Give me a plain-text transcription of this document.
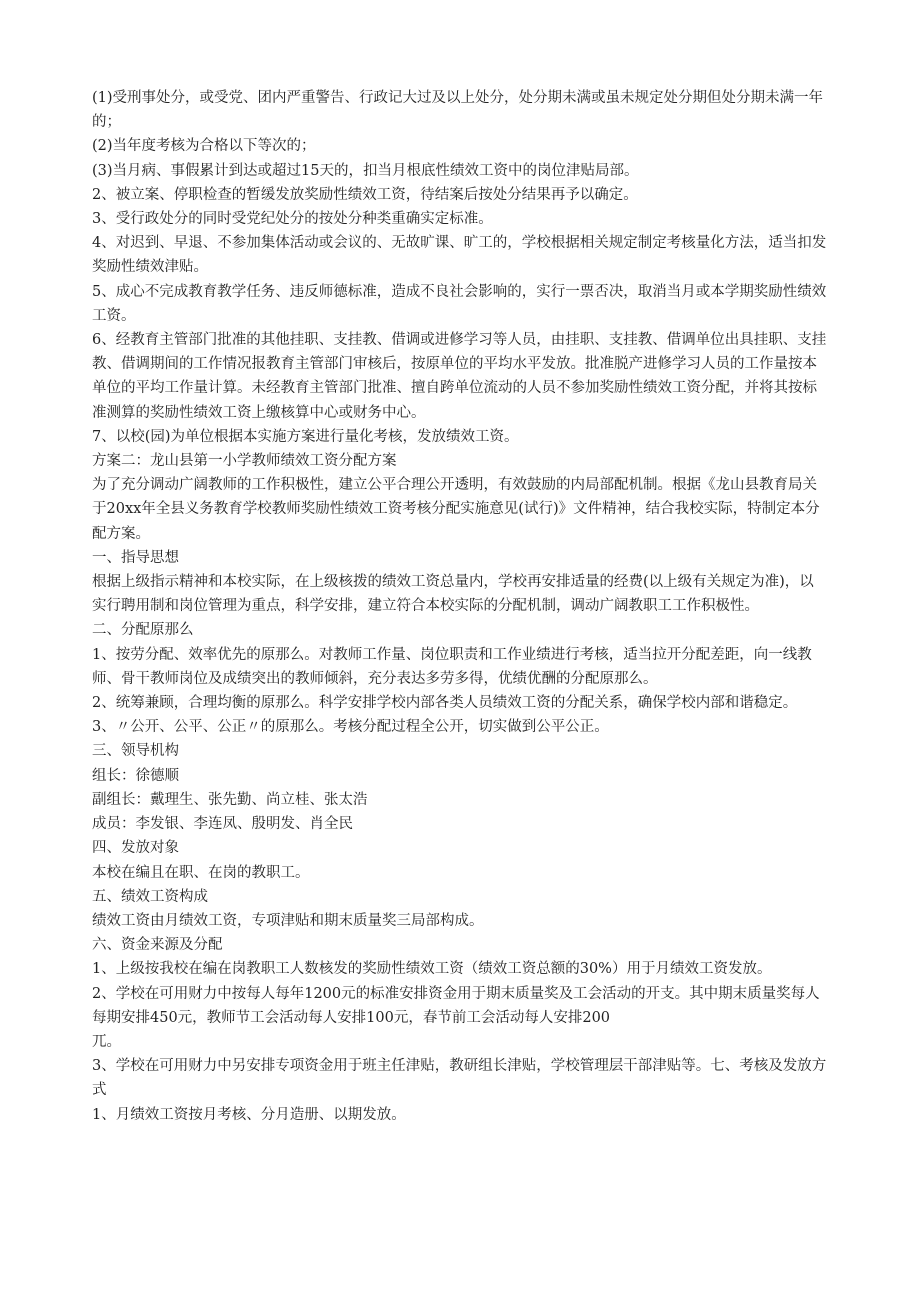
(1)受刑事处分，或受党、团内严重警告、行政记大过及以上处分，处分期未满或虽未规定处分期但处分期未满一年的；

(2)当年度考核为合格以下等次的；

(3)当月病、事假累计到达或超过15天的，扣当月根底性绩效工资中的岗位津贴局部。

2、被立案、停职检查的暂缓发放奖励性绩效工资，待结案后按处分结果再予以确定。

3、受行政处分的同时受党纪处分的按处分种类重确实定标准。

4、对迟到、早退、不参加集体活动或会议的、无故旷课、旷工的，学校根据相关规定制定考核量化方法，适当扣发奖励性绩效津贴。

5、成心不完成教育教学任务、违反师德标准，造成不良社会影响的，实行一票否决，取消当月或本学期奖励性绩效工资。

6、经教育主管部门批准的其他挂职、支挂教、借调或进修学习等人员，由挂职、支挂教、借调单位出具挂职、支挂教、借调期间的工作情况报教育主管部门审核后，按原单位的平均水平发放。批准脱产进修学习人员的工作量按本单位的平均工作量计算。未经教育主管部门批准、擅自跨单位流动的人员不参加奖励性绩效工资分配，并将其按标准测算的奖励性绩效工资上缴核算中心或财务中心。

7、以校(园)为单位根据本实施方案进行量化考核，发放绩效工资。

方案二：龙山县第一小学教师绩效工资分配方案

为了充分调动广阔教师的工作积极性，建立公平合理公开透明，有效鼓励的内局部配机制。根据《龙山县教育局关于20xx年全县义务教育学校教师奖励性绩效工资考核分配实施意见(试行)》文件精神，结合我校实际，特制定本分配方案。

一、指导思想

根据上级指示精神和本校实际，在上级核拨的绩效工资总量内，学校再安排适量的经费(以上级有关规定为准)，以实行聘用制和岗位管理为重点，科学安排，建立符合本校实际的分配机制，调动广阔教职工工作积极性。

二、分配原那么

1、按劳分配、效率优先的原那么。对教师工作量、岗位职责和工作业绩进行考核，适当拉开分配差距，向一线教师、骨干教师岗位及成绩突出的教师倾斜，充分表达多劳多得，优绩优酬的分配原那么。

2、统筹兼顾，合理均衡的原那么。科学安排学校内部各类人员绩效工资的分配关系，确保学校内部和谐稳定。

3、〃公开、公平、公正〃的原那么。考核分配过程全公开，切实做到公平公正。

三、领导机构

组长：徐德顺

副组长：戴理生、张先勤、尚立桂、张太浩

成员：李发银、李连凤、殷明发、肖全民

四、发放对象

本校在编且在职、在岗的教职工。

五、绩效工资构成

绩效工资由月绩效工资，专项津贴和期末质量奖三局部构成。

六、资金来源及分配

1、上级按我校在编在岗教职工人数核发的奖励性绩效工资（绩效工资总额的30%）用于月绩效工资发放。

2、学校在可用财力中按每人每年1200元的标准安排资金用于期末质量奖及工会活动的开支。其中期末质量奖每人每期安排450元，教师节工会活动每人安排100元，春节前工会活动每人安排200

兀。

3、学校在可用财力中另安排专项资金用于班主任津贴，教研组长津贴，学校管理层干部津贴等。七、考核及发放方式

1、月绩效工资按月考核、分月造册、以期发放。
